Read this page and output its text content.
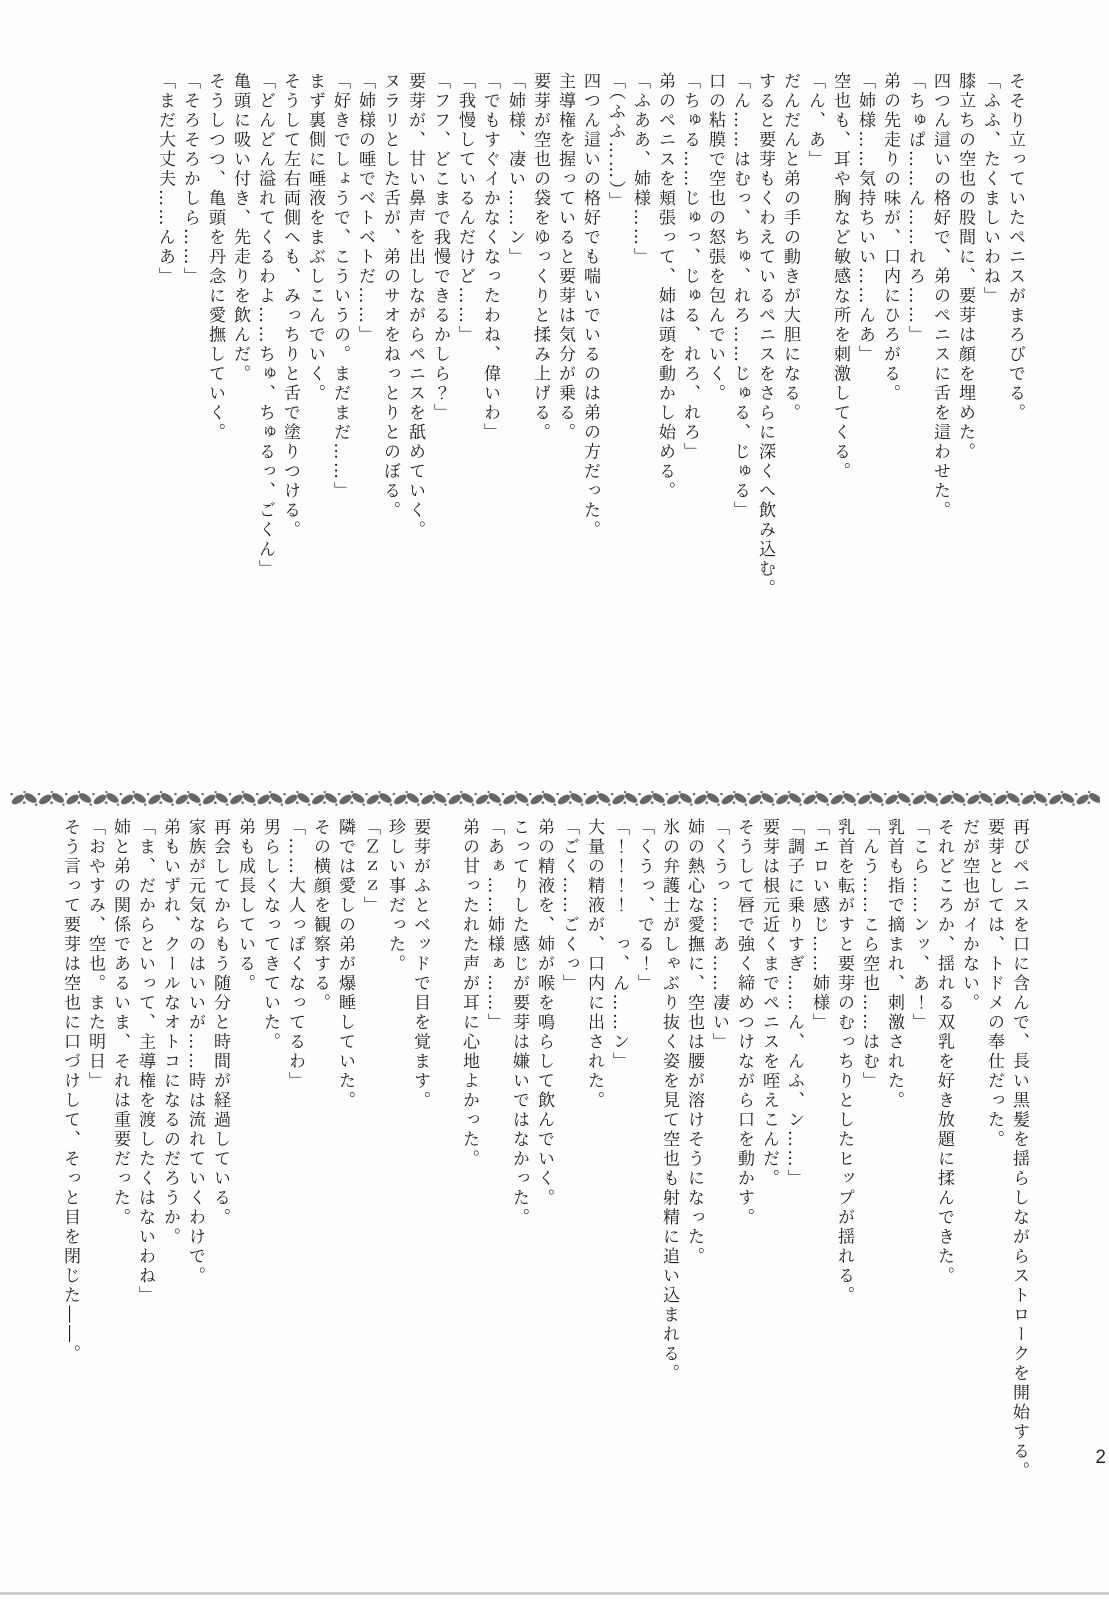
そそり立っていたペニスがまろびでる。

「ふふ、たくましいわね」

膝立ちの空也の股間に、要芽は顔を埋めた。

四つん這いの格好で、弟のペニスに舌を這わせた。

「ちゅぱ……ん……れろ……」

弟の先走りの味が、口内にひろがる。

「姉様……気持ちいい……んあ」

空也も、耳や胸など敏感な所を刺激してくる。

「ん、あ」

だんだんと弟の手の動きが大胆になる。

すると要芽もくわえているペニスをさらに深くへ飲み込む。

「ん……はむっ、ちゅ、れろ……じゅる、じゅる」

口の粘膜で空也の怒張を包んでいく。

「ちゅる……じゅっ、じゅる、れろ、れろ」

弟のペニスを頬張って、姉は頭を動かし始める。

「ふああ、姉様……」

「（ふふ……）」

四つん這いの格好でも喘いでいるのは弟の方だった。

主導権を握っていると要芽は気分が乗る。

要芽が空也の袋をゆっくりと揉み上げる。

「姉様、凄い……ン」

「でもすぐイかなくなったわね、偉いわ」

「我慢しているんだけど……」

「フフ、どこまで我慢できるかしら？」

要芽が、甘い鼻声を出しながらペニスを舐めていく。

ヌラリとした舌が、弟のサオをねっとりとのぼる。

「姉様の唾でベトベトだ……」

「好きでしょうで、こういうの。まだまだ……」

まず裏側に唾液をまぶしこんでいく。

そうして左右両側へも、みっちりと舌で塗りつける。

「どんどん溢れてくるわよ……ちゅ、ちゅるっ、ごくん」

亀頭に吸い付き、先走りを飲んだ。

そうしつつ、亀頭を丹念に愛撫していく。

「そろそろかしら……」

「まだ大丈夫……んあ」

再びペニスを口に含んで、長い黒髪を揺らしながらストロークを開始する。

要芽としては、トドメの奉仕だった。

だが空也がイかない。

それどころか、揺れる双乳を好き放題に揉んできた。

「こら……ンッ、あ！」

乳首も指で摘まれ、刺激された。

「んう……こら空也……はむ」

乳首を転がすと要芽のむっちりとしたヒップが揺れる。

「エロい感じ……姉様」

「調子に乗りすぎ……ん、んふ、ン……」

要芽は根元近くまでペニスを咥えこんだ。

そうして唇で強く締めつけながら口を動かす。

「くうっ……あ……凄い」

姉の熱心な愛撫に、空也は腰が溶けそうになった。

氷の弁護士がしゃぶり抜く姿を見て空也も射精に追い込まれる。

「くうっ、でる！」

「！！！！　っ、ん……ン」

大量の精液が、口内に出された。

「ごく……ごくっ」

弟の精液を、姉が喉を鳴らして飲んでいく。

こってりした感じが要芽は嫌いではなかった。

「あぁ……姉様ぁ……」

弟の甘ったれた声が耳に心地よかった。

要芽がふとベッドで目を覚ます。

珍しい事だった。

「Ｚｚｚ」

隣では愛しの弟が爆睡していた。

その横顔を観察する。

「……大人っぽくなってるわ」

男らしくなってきていた。

弟も成長している。

再会してからもう随分と時間が経過している。

家族が元気なのはいいが……時は流れていくわけで。

弟もいずれ、クールなオトコになるのだろうか。

「ま、だからといって、主導権を渡したくはないわね」

姉と弟の関係であるいま、それは重要だった。

「おやすみ、空也。また明日」

そう言って要芽は空也に口づけして、そっと目を閉じた――。

2
